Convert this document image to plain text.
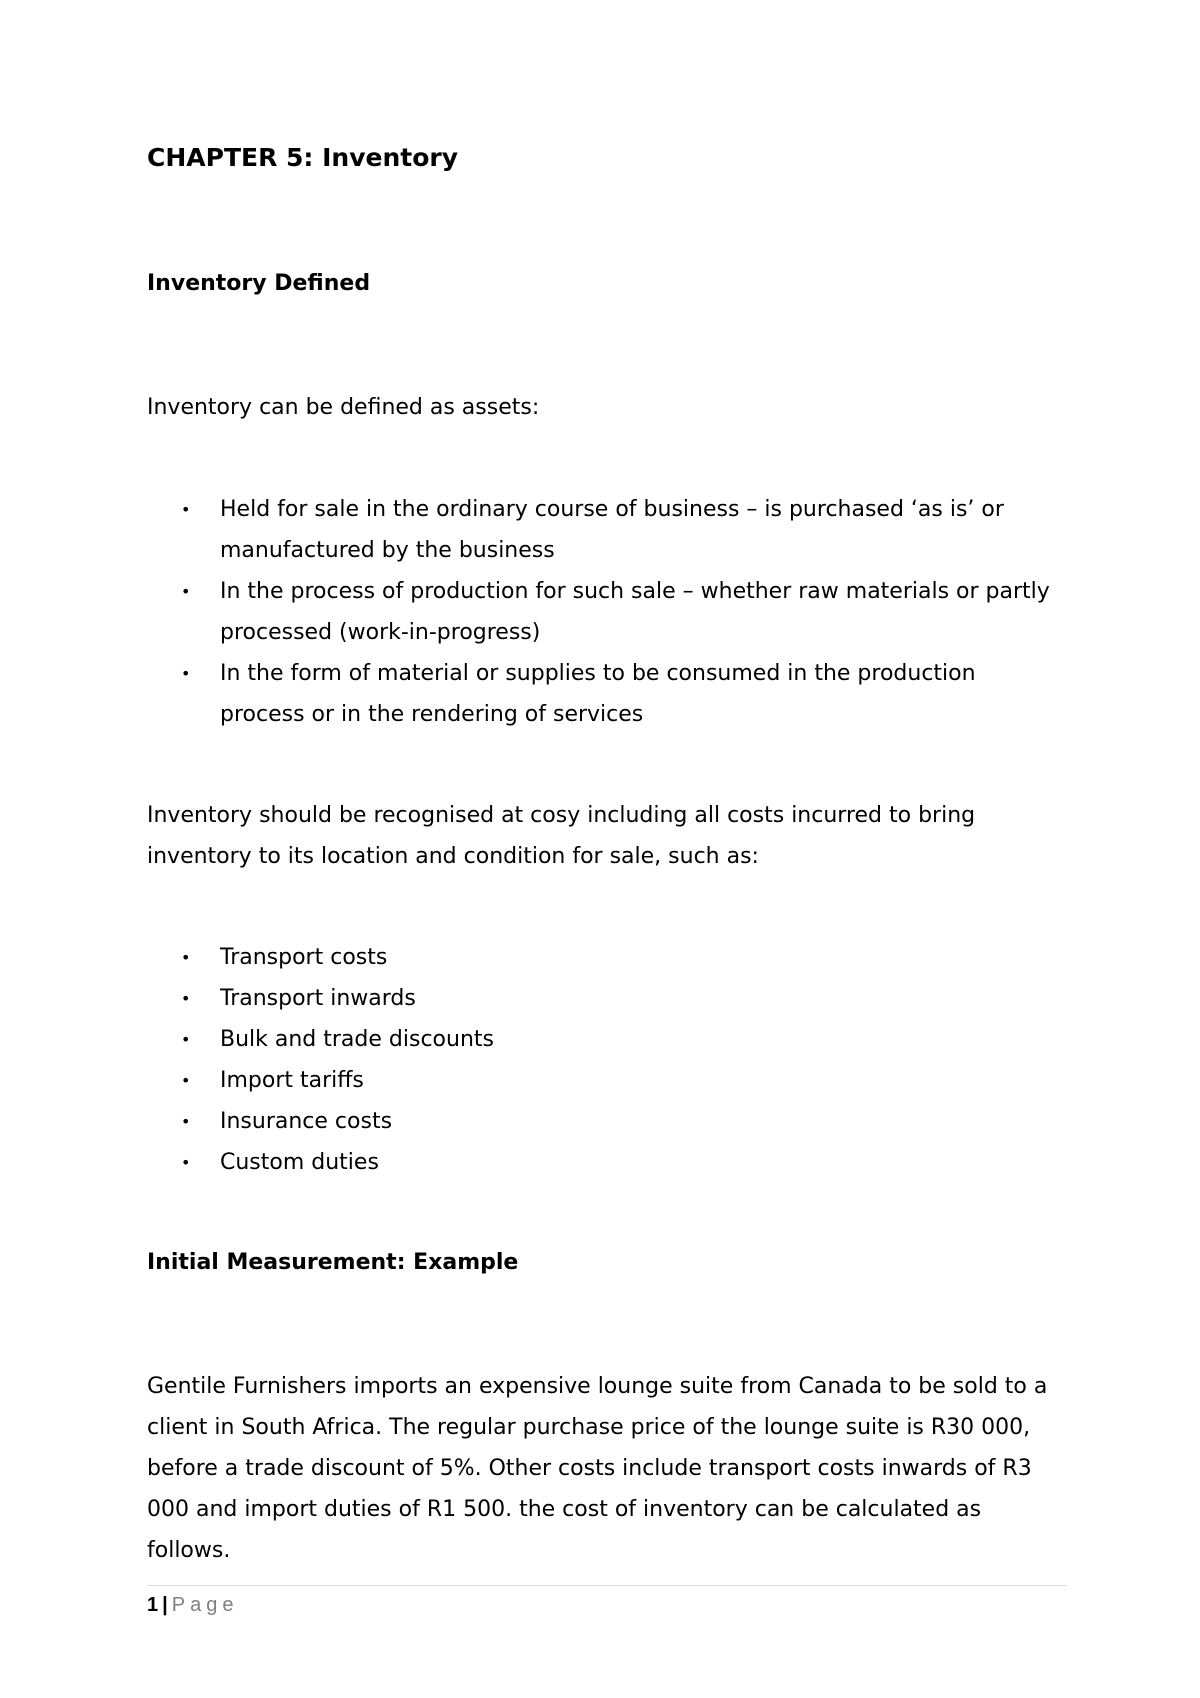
CHAPTER 5: Inventory
Inventory Defined

Inventory can be defined as assets:

• Held for sale in the ordinary course of business – is purchased ‘as is’ or manufactured by the business
• In the process of production for such sale – whether raw materials or partly processed (work-in-progress)
• In the form of material or supplies to be consumed in the production process or in the rendering of services

Inventory should be recognised at cosy including all costs incurred to bring inventory to its location and condition for sale, such as:

• Transport costs
• Transport inwards
• Bulk and trade discounts
• Import tariffs
• Insurance costs
• Custom duties
Initial Measurement: Example

Gentile Furnishers imports an expensive lounge suite from Canada to be sold to a client in South Africa. The regular purchase price of the lounge suite is R30 000, before a trade discount of 5%. Other costs include transport costs inwards of R3 000 and import duties of R1 500. the cost of inventory can be calculated as follows.

1 | Page
